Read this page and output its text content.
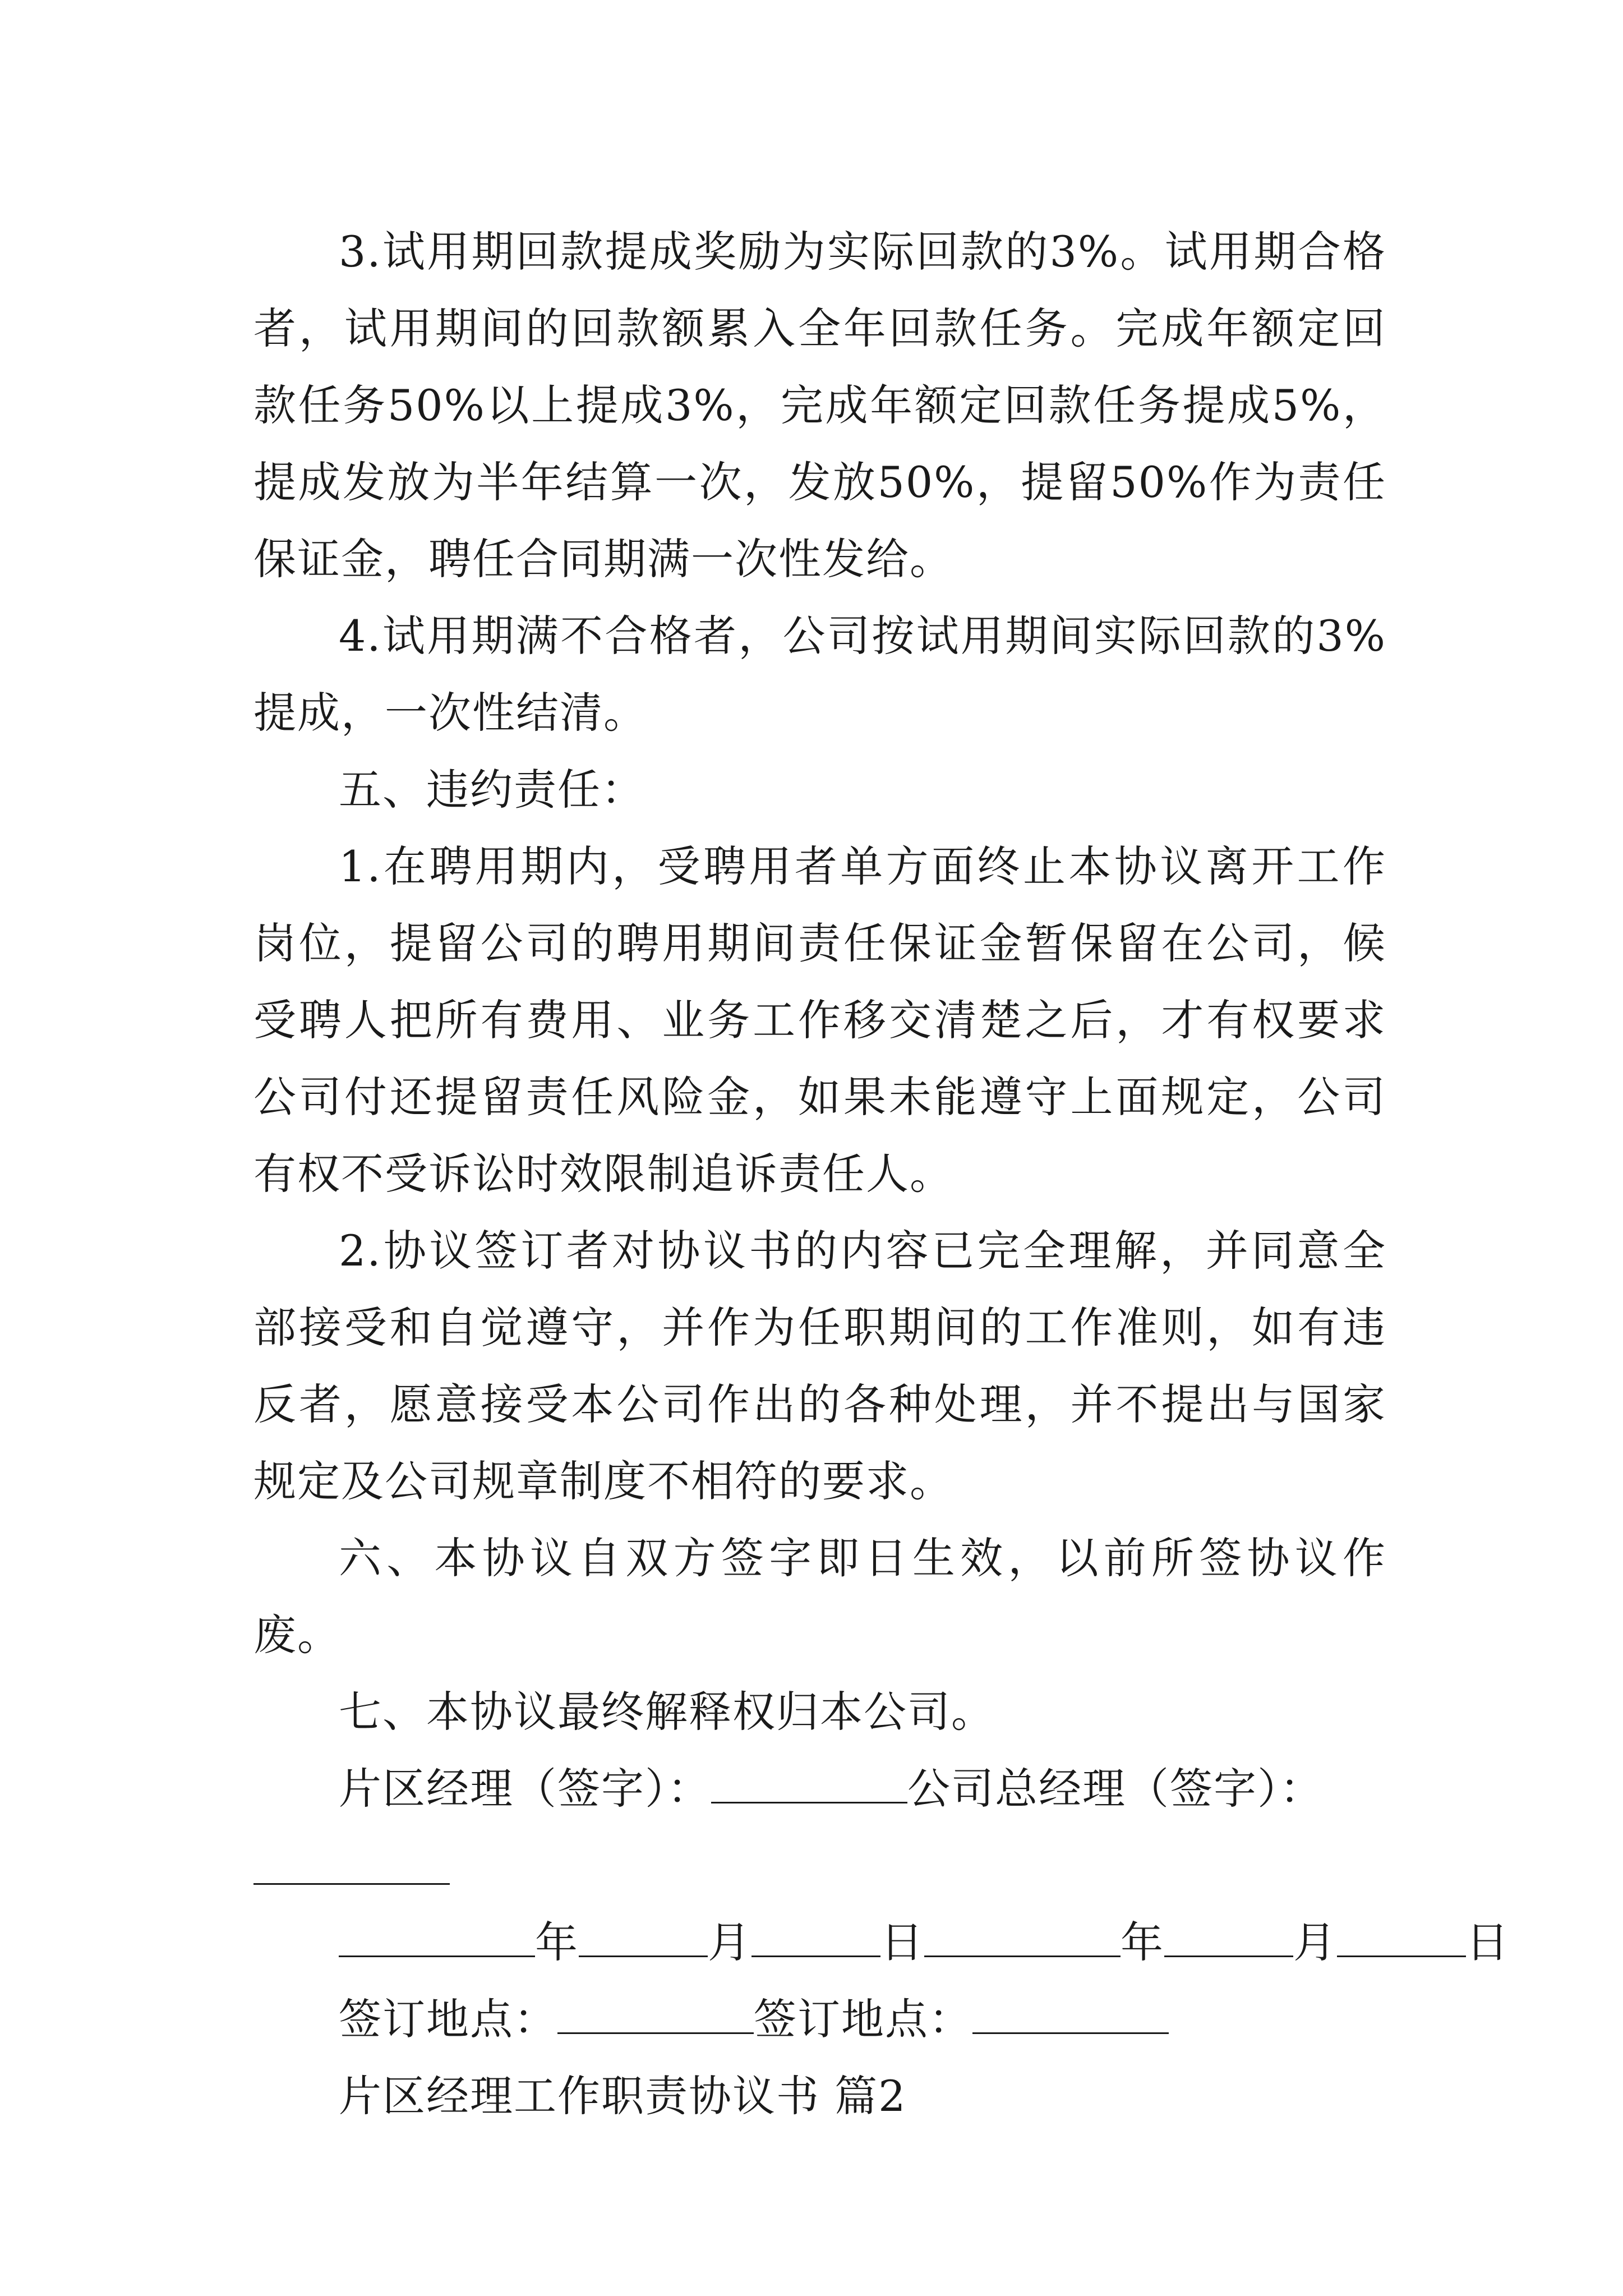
3.试用期回款提成奖励为实际回款的3%。试用期合格者，试用期间的回款额累入全年回款任务。完成年额定回款任务50%以上提成3%，完成年额定回款任务提成5%，提成发放为半年结算一次，发放50%，提留50%作为责任保证金，聘任合同期满一次性发给。

4.试用期满不合格者，公司按试用期间实际回款的3%提成，一次性结清。

五、违约责任：

1.在聘用期内，受聘用者单方面终止本协议离开工作岗位，提留公司的聘用期间责任保证金暂保留在公司，候受聘人把所有费用、业务工作移交清楚之后，才有权要求公司付还提留责任风险金，如果未能遵守上面规定，公司有权不受诉讼时效限制追诉责任人。

2.协议签订者对协议书的内容已完全理解，并同意全部接受和自觉遵守，并作为任职期间的工作准则，如有违反者，愿意接受本公司作出的各种处理，并不提出与国家规定及公司规章制度不相符的要求。

六、本协议自双方签字即日生效，以前所签协议作废。

七、本协议最终解释权归本公司。

片区经理（签字）：	公司总经理（签字）：

年	月	日	年	月	日

签订地点：	签订地点：

片区经理工作职责协议书 篇2
